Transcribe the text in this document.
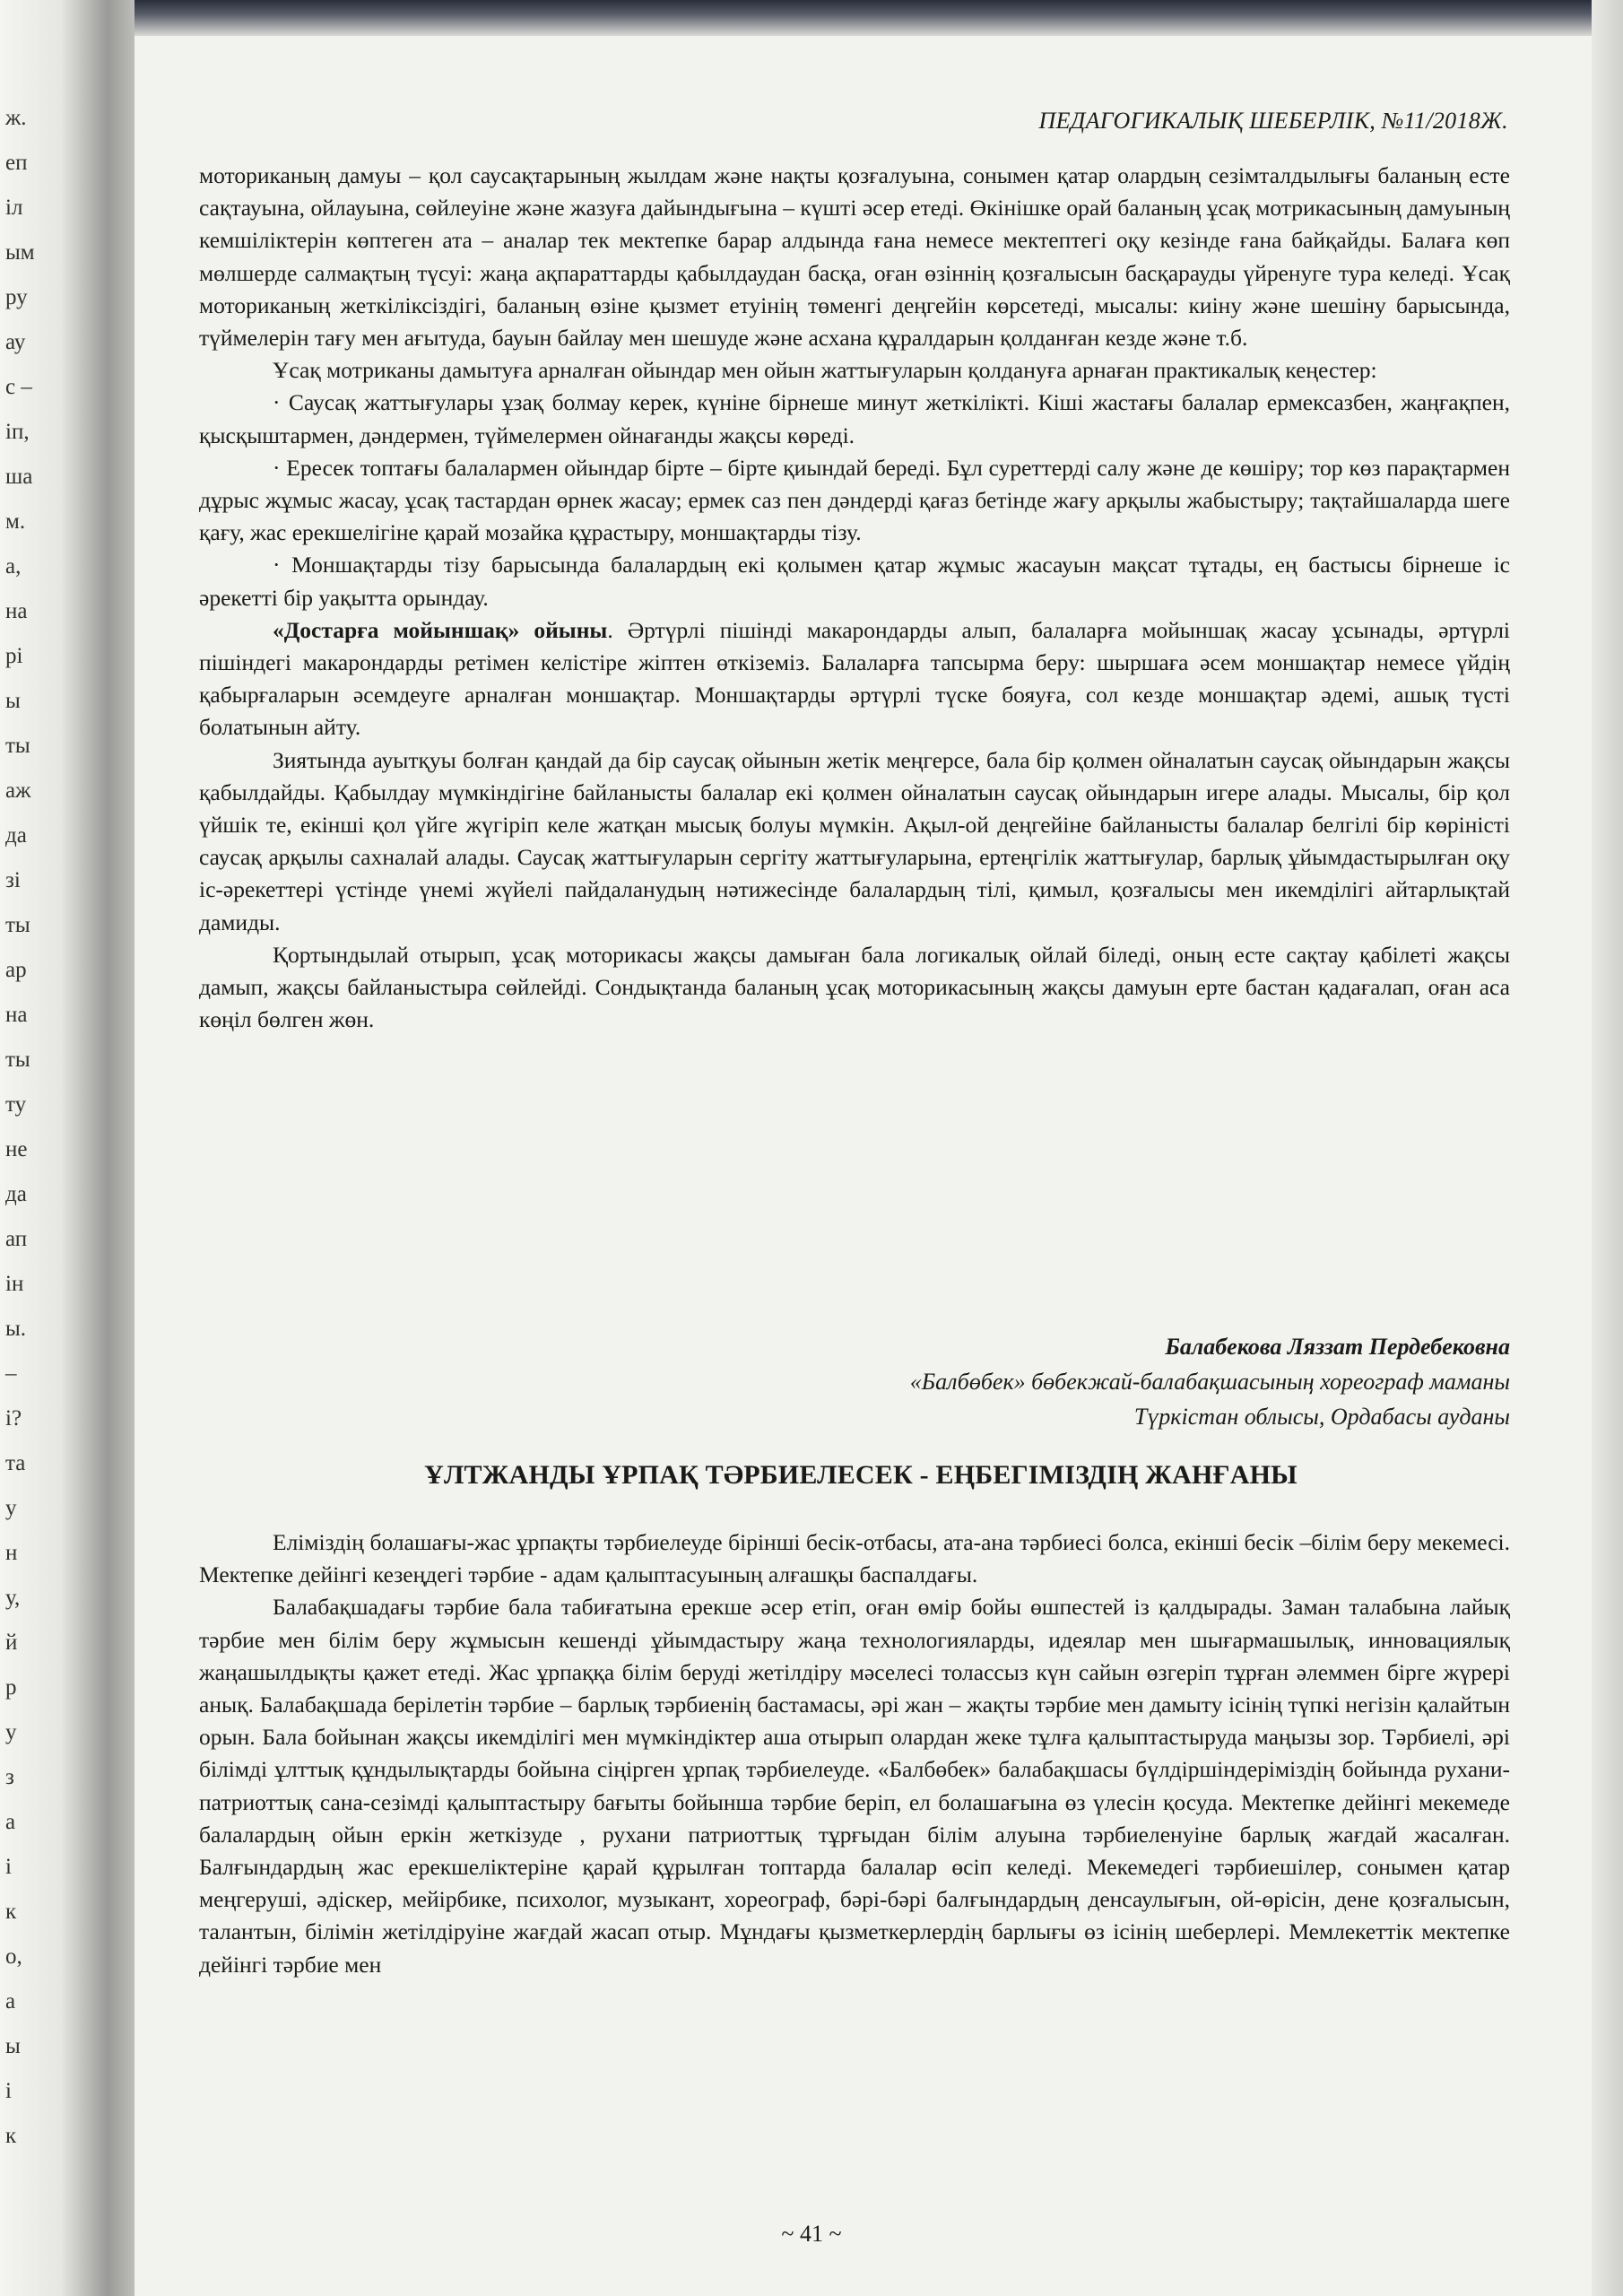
ж.
еп
іл
ым
ру
ау
с –
іп,
ша
м.
а,
на
рі
ы
ты
аж
да
зі
ты
ар
на
ты
ту
не
да
ап
ін
ы.
–
і?
та
у
н
у,
й
р
у
з
а
і
к
о,
а
ы
і
к
ПЕДАГОГИКАЛЫҚ ШЕБЕРЛІК, №11/2018Ж.

моториканың дамуы – қол саусақтарының жылдам және нақты қозғалуына, сонымен қатар олардың сезімталдылығы баланың есте сақтауына, ойлауына, сөйлеуіне және жазуға дайындығына – күшті әсер етеді. Өкінішке орай баланың ұсақ мотрикасының дамуының кемшіліктерін көптеген ата – аналар тек мектепке барар алдында ғана немесе мектептегі оқу кезінде ғана байқайды. Балаға көп мөлшерде салмақтың түсуі: жаңа ақпараттарды қабылдаудан басқа, оған өзіннің қозғалысын басқарауды үйренуге тура келеді. Ұсақ моториканың жеткіліксіздігі, баланың өзіне қызмет етуінің төменгі деңгейін көрсетеді, мысалы: киіну және шешіну барысында, түймелерін тағу мен ағытуда, бауын байлау мен шешуде және асхана құралдарын қолданған кезде және т.б.

Ұсақ мотриканы дамытуға арналған ойындар мен ойын жаттығуларын қолдануға арнаған практикалық кеңестер:

· Саусақ жаттығулары ұзақ болмау керек, күніне бірнеше минут жеткілікті. Кіші жастағы балалар ермексазбен, жаңғақпен, қысқыштармен, дәндермен, түймелермен ойнағанды жақсы көреді.

· Ересек топтағы балалармен ойындар бірте – бірте қиындай береді. Бұл суреттерді салу және де көшіру; тор көз парақтармен дұрыс жұмыс жасау, ұсақ тастардан өрнек жасау; ермек саз пен дәндерді қағаз бетінде жағу арқылы жабыстыру; тақтайшаларда шеге қағу, жас ерекшелігіне қарай мозайка құрастыру, моншақтарды тізу.

· Моншақтарды тізу барысында балалардың екі қолымен қатар жұмыс жасауын мақсат тұтады, ең бастысы бірнеше іс әрекетті бір уақытта орындау.

«Достарға мойыншақ» ойыны. Әртүрлі пішінді макарондарды алып, балаларға мойыншақ жасау ұсынады, әртүрлі пішіндегі макарондарды ретімен келістіре жіптен өткіземіз. Балаларға тапсырма беру: шыршаға әсем моншақтар немесе үйдің қабырғаларын әсемдеуге арналған моншақтар. Моншақтарды әртүрлі түске бояуға, сол кезде моншақтар әдемі, ашық түсті болатынын айту.

Зиятында ауытқуы болған қандай да бір саусақ ойынын жетік меңгерсе, бала бір қолмен ойналатын саусақ ойындарын жақсы қабылдайды. Қабылдау мүмкіндігіне байланысты балалар екі қолмен ойналатын саусақ ойындарын игере алады. Мысалы, бір қол үйшік те, екінші қол үйге жүгіріп келе жатқан мысық болуы мүмкін. Ақыл-ой деңгейіне байланысты балалар белгілі бір көріністі саусақ арқылы сахналай алады. Саусақ жаттығуларын сергіту жаттығуларына, ертеңгілік жаттығулар, барлық ұйымдастырылған оқу іс-әрекеттері үстінде үнемі жүйелі пайдаланудың нәтижесінде балалардың тілі, қимыл, қозғалысы мен икемділігі айтарлықтай дамиды.

Қортындылай отырып, ұсақ моторикасы жақсы дамыған бала логикалық ойлай біледі, оның есте сақтау қабілеті жақсы дамып, жақсы байланыстыра сөйлейді. Сондықтанда баланың ұсақ моторикасының жақсы дамуын ерте бастан қадағалап, оған аса көңіл бөлген жөн.

Балабекова Ляззат Пердебековна
«Балбөбек» бөбекжай-балабақшасының хореограф маманы
Түркістан облысы, Ордабасы ауданы
ҰЛТЖАНДЫ ҰРПАҚ ТӘРБИЕЛЕСЕК - ЕҢБЕГІМІЗДІҢ ЖАНҒАНЫ

Еліміздің болашағы-жас ұрпақты тәрбиелеуде бірінші бесік-отбасы, ата-ана тәрбиесі болса, екінші бесік –білім беру мекемесі. Мектепке дейінгі кезеңдегі тәрбие - адам қалыптасуының алғашқы баспалдағы.

Балабақшадағы тәрбие бала табиғатына ерекше әсер етіп, оған өмір бойы өшпестей із қалдырады. Заман талабына лайық тәрбие мен білім беру жұмысын кешенді ұйымдастыру жаңа технологияларды, идеялар мен шығармашылық, инновациялық жаңашылдықты қажет етеді. Жас ұрпаққа білім беруді жетілдіру мәселесі толассыз күн сайын өзгеріп тұрған әлеммен бірге жүрері анық. Балабақшада берілетін тәрбие – барлық тәрбиенің бастамасы, әрі жан – жақты тәрбие мен дамыту ісінің түпкі негізін қалайтын орын. Бала бойынан жақсы икемділігі мен мүмкіндіктер аша отырып олардан жеке тұлға қалыптастыруда маңызы зор. Тәрбиелі, әрі білімді ұлттық құндылықтарды бойына сіңірген ұрпақ тәрбиелеуде. «Балбөбек» балабақшасы бүлдіршіндеріміздің бойында рухани-патриоттық сана-сезімді қалыптастыру бағыты бойынша тәрбие беріп, ел болашағына өз үлесін қосуда. Мектепке дейінгі мекемеде балалардың ойын еркін жеткізуде , рухани патриоттық тұрғыдан білім алуына тәрбиеленуіне барлық жағдай жасалған. Балғындардың жас ерекшеліктеріне қарай құрылған топтарда балалар өсіп келеді. Мекемедегі тәрбиешілер, сонымен қатар меңгеруші, әдіскер, мейірбике, психолог, музыкант, хореограф, бәрі-бәрі балғындардың денсаулығын, ой-өрісін, дене қозғалысын, талантын, білімін жетілдіруіне жағдай жасап отыр. Мұндағы қызметкерлердің барлығы өз ісінің шеберлері. Мемлекеттік мектепке дейінгі тәрбие мен

~ 41 ~
